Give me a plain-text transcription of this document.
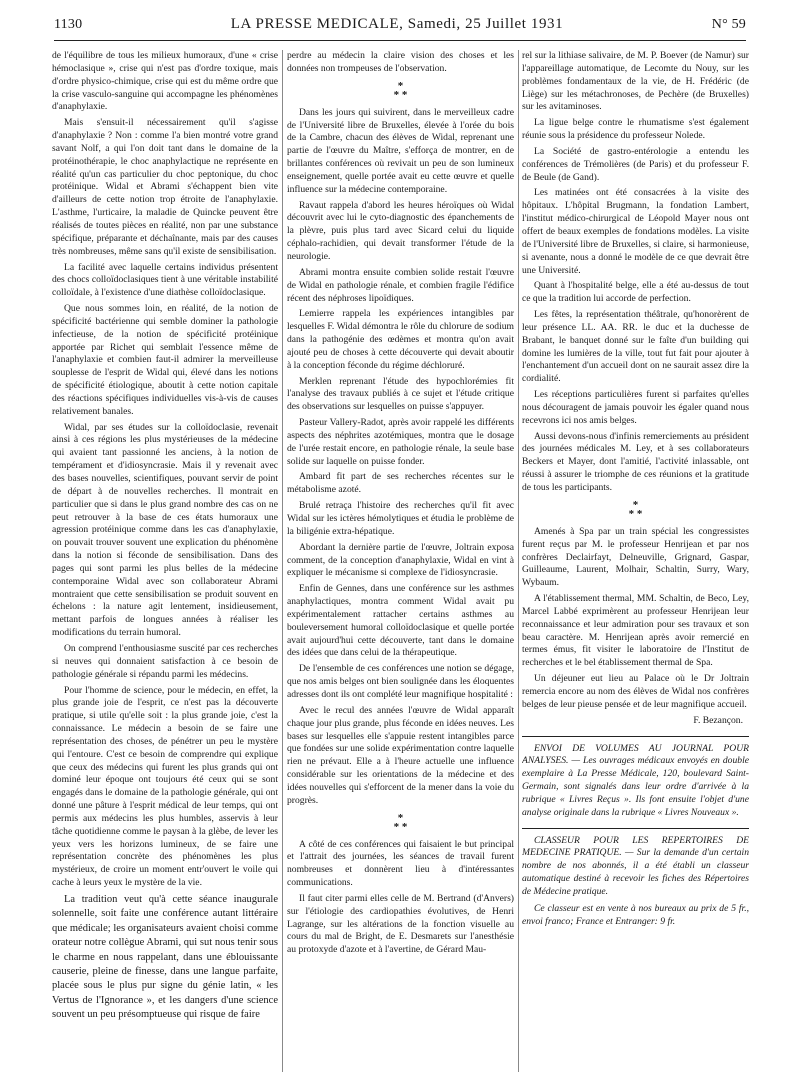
1130	LA PRESSE MEDICALE, Samedi, 25 Juillet 1931	N° 59

de l'équilibre de tous les milieux humoraux, d'une « crise hémoclasique », crise qui n'est pas d'ordre toxique, mais d'ordre physico-chimique, crise qui est du même ordre que la crise vasculo-sanguine qui accompagne les phénomènes d'anaphylaxie.

Mais s'ensuit-il nécessairement qu'il s'agisse d'anaphylaxie ? Non : comme l'a bien montré votre grand savant Nolf, a qui l'on doit tant dans le domaine de la protéinothérapie, le choc anaphylactique ne représente en réalité qu'un cas particulier du choc peptonique, du choc protéinique. Widal et Abrami s'échappent bien vite d'ailleurs de cette notion trop étroite de l'anaphylaxie. L'asthme, l'urticaire, la maladie de Quincke peuvent être réalisés de toutes pièces en réalité, non par une substance spécifique, préparante et déchaînante, mais par des causes très nombreuses, même sans qu'il existe de sensibilisation.

La facilité avec laquelle certains individus présentent des chocs colloïdoclasiques tient à une véritable instabilité colloïdale, à l'existence d'une diathèse colloïdoclasique.

Que nous sommes loin, en réalité, de la notion de spécificité bactérienne qui semble dominer la pathologie infectieuse, de la notion de spécificité protéinique apportée par Richet qui semblait l'essence même de l'anaphylaxie et combien faut-il admirer la merveilleuse souplesse de l'esprit de Widal qui, élevé dans les notions de spécificité étiologique, aboutit à cette notion capitale des réactions spécifiques individuelles vis-à-vis de causes relativement banales.

Widal, par ses études sur la colloïdoclasie, revenait ainsi à ces régions les plus mystérieuses de la médecine qui avaient tant passionné les anciens, à la notion de tempérament et d'idiosyncrasie. Mais il y revenait avec des bases nouvelles, scientifiques, pouvant servir de point de départ à de nouvelles recherches. Il montrait en particulier que si dans le plus grand nombre des cas on ne peut retrouver à la base de ces états humoraux une agression protéinique comme dans les cas d'anaphylaxie, on pouvait trouver souvent une explication du phénomène dans la notion si féconde de sensibilisation. Dans des pages qui sont parmi les plus belles de la médecine contemporaine Widal avec son collaborateur Abrami montraient que cette sensibilisation se produit souvent en échelons : la nature agit lentement, insidieusement, mettant parfois de longues années à réaliser les modifications du terrain humoral.

On comprend l'enthousiasme suscité par ces recherches si neuves qui donnaient satisfaction à ce besoin de pathologie générale si répandu parmi les médecins.

Pour l'homme de science, pour le médecin, en effet, la plus grande joie de l'esprit, ce n'est pas la découverte pratique, si utile qu'elle soit : la plus grande joie, c'est la connaissance. Le médecin a besoin de se faire une représentation des choses, de pénétrer un peu le mystère qui l'entoure. C'est ce besoin de comprendre qui explique que ceux des médecins qui furent les plus grands qui ont dominé leur époque ont toujours été ceux qui se sont engagés dans le domaine de la pathologie générale, qui ont donné une pâture à l'esprit médical de leur temps, qui ont permis aux médecins les plus humbles, asservis à leur tâche quotidienne comme le paysan à la glèbe, de lever les yeux vers les horizons lumineux, de se faire une représentation concrète des phénomènes les plus mystérieux, de croire un moment entr'ouvert le voile qui cache à leurs yeux le mystère de la vie.

La tradition veut qu'à cette séance inaugurale solennelle, soit faite une conférence autant littéraire que médicale; les organisateurs avaient choisi comme orateur notre collègue Abrami, qui sut nous tenir sous le charme en nous rappelant, dans une éblouissante causerie, pleine de finesse, dans une langue parfaite, placée sous le plus pur signe du génie latin, « les Vertus de l'Ignorance », et les dangers d'une science souvent un peu présomptueuse qui risque de faire

perdre au médecin la claire vision des choses et les données non trompeuses de l'observation.

*
* *

Dans les jours qui suivirent, dans le merveilleux cadre de l'Université libre de Bruxelles, élevée à l'orée du bois de la Cambre, chacun des élèves de Widal, reprenant une partie de l'œuvre du Maître, s'efforça de montrer, en de brillantes conférences où revivait un peu de son lumineux enseignement, quelle portée avait eu cette œuvre et quelle influence sur la médecine contemporaine.

Ravaut rappela d'abord les heures héroïques où Widal découvrit avec lui le cyto-diagnostic des épanchements de la plèvre, puis plus tard avec Sicard celui du liquide céphalo-rachidien, qui devait transformer l'étude de la neurologie.

Abrami montra ensuite combien solide restait l'œuvre de Widal en pathologie rénale, et combien fragile l'édifice récent des néphroses lipoïdiques.

Lemierre rappela les expériences intangibles par lesquelles F. Widal démontra le rôle du chlorure de sodium dans la pathogénie des œdèmes et montra qu'on avait ajouté peu de choses à cette découverte qui devait aboutir à la conception féconde du régime déchloruré.

Merklen reprenant l'étude des hypochlorémies fit l'analyse des travaux publiés à ce sujet et l'étude critique des observations sur lesquelles on puisse s'appuyer.

Pasteur Vallery-Radot, après avoir rappelé les différents aspects des néphrites azotémiques, montra que le dosage de l'urée restait encore, en pathologie rénale, la seule base solide sur laquelle on puisse fonder.

Ambard fit part de ses recherches récentes sur le métabolisme azoté.

Brulé retraça l'histoire des recherches qu'il fit avec Widal sur les ictères hémolytiques et étudia le problème de la biligénie extra-hépatique.

Abordant la dernière partie de l'œuvre, Joltrain exposa comment, de la conception d'anaphylaxie, Widal en vint à expliquer le mécanisme si complexe de l'idiosyncrasie.

Enfin de Gennes, dans une conférence sur les asthmes anaphylactiques, montra comment Widal avait pu expérimentalement rattacher certains asthmes au bouleversement humoral colloïdoclasique et quelle portée avait aujourd'hui cette découverte, tant dans le domaine des idées que dans celui de la thérapeutique.

De l'ensemble de ces conférences une notion se dégage, que nos amis belges ont bien soulignée dans les éloquentes adresses dont ils ont complété leur magnifique hospitalité :

Avec le recul des années l'œuvre de Widal apparaît chaque jour plus grande, plus féconde en idées neuves. Les bases sur lesquelles elle s'appuie restent intangibles parce que fondées sur une solide expérimentation contre laquelle rien ne prévaut. Elle a à l'heure actuelle une influence considérable sur les orientations de la médecine et des idées nouvelles qui s'efforcent de la mener dans la voie du progrès.

*
* *

A côté de ces conférences qui faisaient le but principal et l'attrait des journées, les séances de travail furent nombreuses et donnèrent lieu à d'intéressantes communications.

Il faut citer parmi elles celle de M. Bertrand (d'Anvers) sur l'étiologie des cardiopathies évolutives, de Henri Lagrange, sur les altérations de la fonction visuelle au cours du mal de Bright, de E. Desmarets sur l'anesthésie au protoxyde d'azote et à l'avertine, de Gérard Mau-

rel sur la lithiase salivaire, de M. P. Boever (de Namur) sur l'appareillage automatique, de Lecomte du Nouy, sur les problèmes fondamentaux de la vie, de H. Frédéric (de Liège) sur les métachronoses, de Pechère (de Bruxelles) sur les avitaminoses.

La ligue belge contre le rhumatisme s'est également réunie sous la présidence du professeur Nolede.

La Société de gastro-entérologie a entendu les conférences de Trémolières (de Paris) et du professeur F. de Beule (de Gand).

Les matinées ont été consacrées à la visite des hôpitaux. L'hôpital Brugmann, la fondation Lambert, l'institut médico-chirurgical de Léopold Mayer nous ont offert de beaux exemples de fondations modèles. La visite de l'Université libre de Bruxelles, si claire, si harmonieuse, si avenante, nous a donné le modèle de ce que devrait être une Université.

Quant à l'hospitalité belge, elle a été au-dessus de tout ce que la tradition lui accorde de perfection.

Les fêtes, la représentation théâtrale, qu'honorèrent de leur présence LL. AA. RR. le duc et la duchesse de Brabant, le banquet donné sur le faîte d'un building qui domine les lumières de la ville, tout fut fait pour ajouter à l'enchantement d'un accueil dont on ne saurait assez dire la cordialité.

Les réceptions particulières furent si parfaites qu'elles nous découragent de jamais pouvoir les égaler quand nous recevrons ici nos amis belges.

Aussi devons-nous d'infinis remerciements au président des journées médicales M. Ley, et à ses collaborateurs Beckers et Mayer, dont l'amitié, l'activité inlassable, ont réussi à assurer le triomphe de ces réunions et la gratitude de tous les participants.

*
* *

Amenés à Spa par un train spécial les congressistes furent reçus par M. le professeur Henrijean et par nos confrères Declairfayt, Delneuville, Grignard, Gaspar, Guilleaume, Laurent, Molhair, Schaltin, Surry, Wary, Wybaum.

A l'établissement thermal, MM. Schaltin, de Beco, Ley, Marcel Labbé exprimèrent au professeur Henrijean leur reconnaissance et leur admiration pour ses travaux et son beau caractère. M. Henrijean après avoir remercié en termes émus, fit visiter le laboratoire de l'Institut de recherches et le bel établissement thermal de Spa.

Un déjeuner eut lieu au Palace où le Dr Joltrain remercia encore au nom des élèves de Widal nos confrères belges de leur pieuse pensée et de leur magnifique accueil.

F. Bezançon.

ENVOI DE VOLUMES AU JOURNAL POUR ANALYSES. — Les ouvrages médicaux envoyés en double exemplaire à La Presse Médicale, 120, boulevard Saint-Germain, sont signalés dans leur ordre d'arrivée à la rubrique « Livres Reçus ». Ils font ensuite l'objet d'une analyse originale dans la rubrique « Livres Nouveaux ».

CLASSEUR POUR LES REPERTOIRES DE MEDECINE PRATIQUE. — Sur la demande d'un certain nombre de nos abonnés, il a été établi un classeur automatique destiné à recevoir les fiches des Répertoires de Médecine pratique.

Ce classeur est en vente à nos bureaux au prix de 5 fr., envoi franco; France et Entranger: 9 fr.
